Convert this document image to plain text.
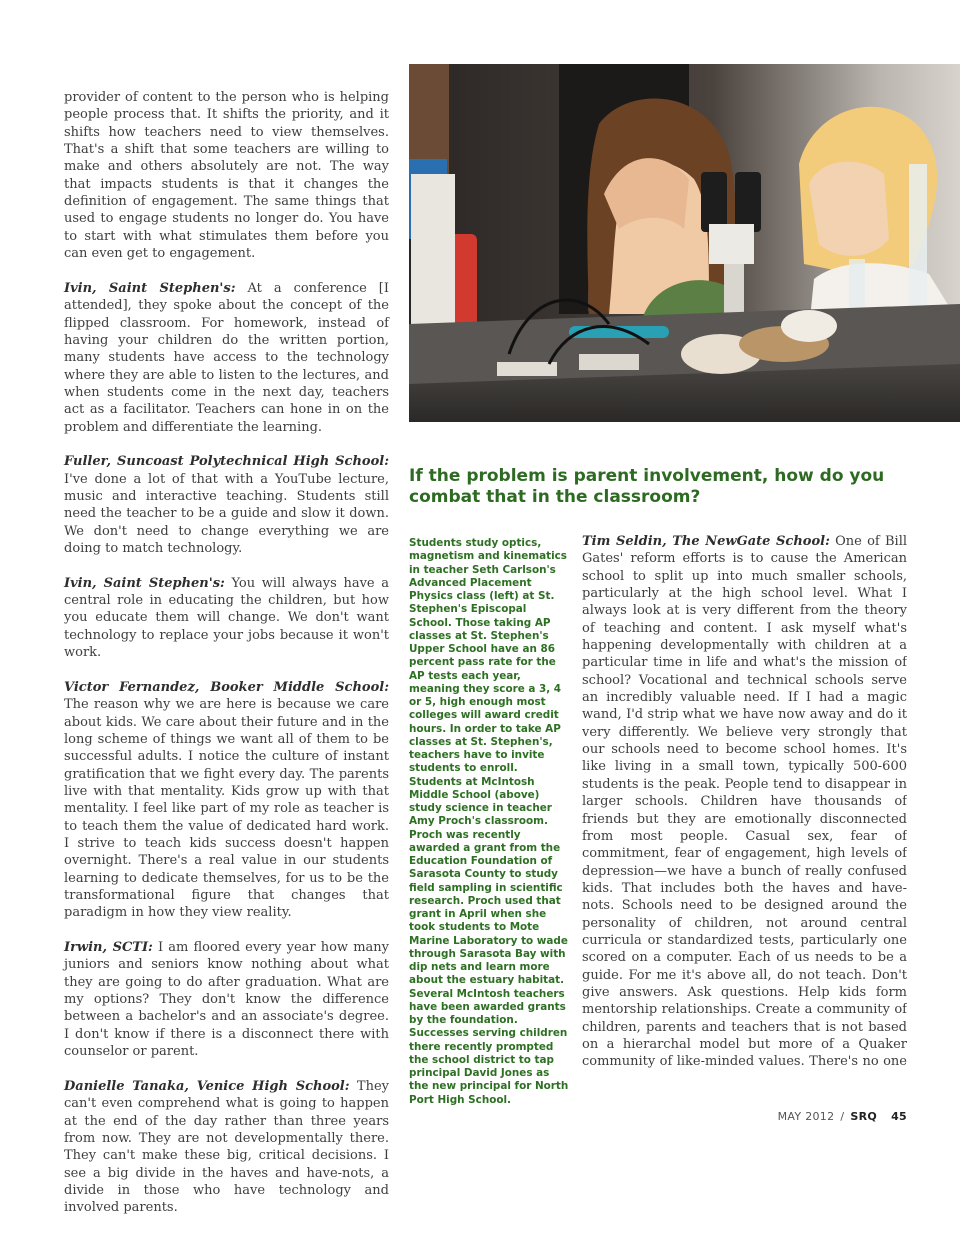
provider of content to the person who is helping people process that. It shifts the priority, and it shifts how teachers need to view themselves. That's a shift that some teachers are willing to make and others absolutely are not. The way that impacts students is that it changes the definition of engagement. The same things that used to engage students no longer do. You have to start with what stimulates them before you can even get to engagement.

Ivin, Saint Stephen's: At a conference [I attended], they spoke about the concept of the flipped classroom. For homework, instead of having your children do the written portion, many students have access to the technology where they are able to listen to the lectures, and when students come in the next day, teachers act as a facilitator. Teachers can hone in on the problem and differentiate the learning.

Fuller, Suncoast Polytechnical High School: I've done a lot of that with a YouTube lecture, music and interactive teaching. Students still need the teacher to be a guide and slow it down. We don't need to change everything we are doing to match technology.

Ivin, Saint Stephen's: You will always have a central role in educating the children, but how you educate them will change. We don't want technology to replace your jobs because it won't work.

Victor Fernandez, Booker Middle School: The reason why we are here is because we care about kids. We care about their future and in the long scheme of things we want all of them to be successful adults. I notice the culture of instant gratification that we fight every day. The parents live with that mentality. Kids grow up with that mentality. I feel like part of my role as teacher is to teach them the value of dedicated hard work. I strive to teach kids success doesn't happen overnight. There's a real value in our students learning to dedicate themselves, for us to be the transformational figure that changes that paradigm in how they view reality.

Irwin, SCTI: I am floored every year how many juniors and seniors know nothing about what they are going to do after graduation. What are my options? They don't know the difference between a bachelor's and an associate's degree. I don't know if there is a disconnect there with counselor or parent.

Danielle Tanaka, Venice High School: They can't even comprehend what is going to happen at the end of the day rather than three years from now. They are not developmentally there. They can't make these big, critical decisions. I see a big divide in the haves and have-nots, a divide in those who have technology and involved parents.

If the problem is parent involvement, how do you combat that in the classroom?

Students study optics, magnetism and kinematics in teacher Seth Carlson's Advanced Placement Physics class (left) at St. Stephen's Episcopal School. Those taking AP classes at St. Stephen's Upper School have an 86 percent pass rate for the AP tests each year, meaning they score a 3, 4 or 5, high enough most colleges will award credit hours. In order to take AP classes at St. Stephen's, teachers have to invite students to enroll. Students at McIntosh Middle School (above) study science in teacher Amy Proch's classroom. Proch was recently awarded a grant from the Education Foundation of Sarasota County to study field sampling in scientific research. Proch used that grant in April when she took students to Mote Marine Laboratory to wade through Sarasota Bay with dip nets and learn more about the estuary habitat. Several McIntosh teachers have been awarded grants by the foundation. Successes serving children there recently prompted the school district to tap principal David Jones as the new principal for North Port High School.

Tim Seldin, The NewGate School: One of Bill Gates' reform efforts is to cause the American school to split up into much smaller schools, particularly at the high school level. What I always look at is very different from the theory of teaching and content. I ask myself what's happening developmentally with children at a particular time in life and what's the mission of school? Vocational and technical schools serve an incredibly valuable need. If I had a magic wand, I'd strip what we have now away and do it very differently. We believe very strongly that our schools need to become school homes. It's like living in a small town, typically 500-600 students is the peak. People tend to disappear in larger schools. Children have thousands of friends but they are emotionally disconnected from most people. Casual sex, fear of commitment, fear of engagement, high levels of depression—we have a bunch of really confused kids. That includes both the haves and have-nots. Schools need to be designed around the personality of children, not around central curricula or standardized tests, particularly one scored on a computer. Each of us needs to be a guide. For me it's above all, do not teach. Don't give answers. Ask questions. Help kids form mentorship relationships. Create a community of children, parents and teachers that is not based on a hierarchal model but more of a Quaker community of like-minded values. There's no one

MAY 2012 / SRQ 45
